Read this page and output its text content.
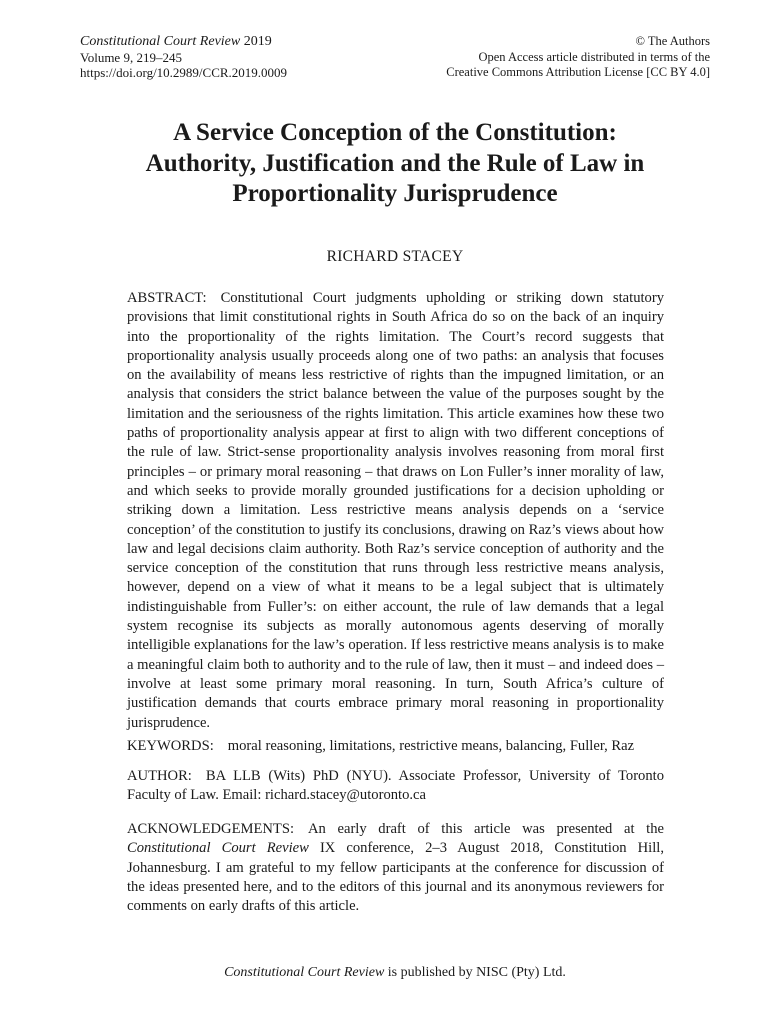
Constitutional Court Review 2019
Volume 9, 219–245
https://doi.org/10.2989/CCR.2019.0009
© The Authors
Open Access article distributed in terms of the
Creative Commons Attribution License [CC BY 4.0]
A Service Conception of the Constitution:
Authority, Justification and the Rule of Law in
Proportionality Jurisprudence
RICHARD STACEY
ABSTRACT: Constitutional Court judgments upholding or striking down statutory provisions that limit constitutional rights in South Africa do so on the back of an inquiry into the proportionality of the rights limitation. The Court’s record suggests that proportionality analysis usually proceeds along one of two paths: an analysis that focuses on the availability of means less restrictive of rights than the impugned limitation, or an analysis that considers the strict balance between the value of the purposes sought by the limitation and the seriousness of the rights limitation. This article examines how these two paths of proportionality analysis appear at first to align with two different conceptions of the rule of law. Strict-sense proportionality analysis involves reasoning from moral first principles – or primary moral reasoning – that draws on Lon Fuller’s inner morality of law, and which seeks to provide morally grounded justifications for a decision upholding or striking down a limitation. Less restrictive means analysis depends on a ‘service conception’ of the constitution to justify its conclusions, drawing on Raz’s views about how law and legal decisions claim authority. Both Raz’s service conception of authority and the service conception of the constitution that runs through less restrictive means analysis, however, depend on a view of what it means to be a legal subject that is ultimately indistinguishable from Fuller’s: on either account, the rule of law demands that a legal system recognise its subjects as morally autonomous agents deserving of morally intelligible explanations for the law’s operation. If less restrictive means analysis is to make a meaningful claim both to authority and to the rule of law, then it must – and indeed does – involve at least some primary moral reasoning. In turn, South Africa’s culture of justification demands that courts embrace primary moral reasoning in proportionality jurisprudence.
KEYWORDS: moral reasoning, limitations, restrictive means, balancing, Fuller, Raz
AUTHOR: BA LLB (Wits) PhD (NYU). Associate Professor, University of Toronto Faculty of Law. Email: richard.stacey@utoronto.ca
ACKNOWLEDGEMENTS: An early draft of this article was presented at the Constitutional Court Review IX conference, 2–3 August 2018, Constitution Hill, Johannesburg. I am grateful to my fellow participants at the conference for discussion of the ideas presented here, and to the editors of this journal and its anonymous reviewers for comments on early drafts of this article.
Constitutional Court Review is published by NISC (Pty) Ltd.
